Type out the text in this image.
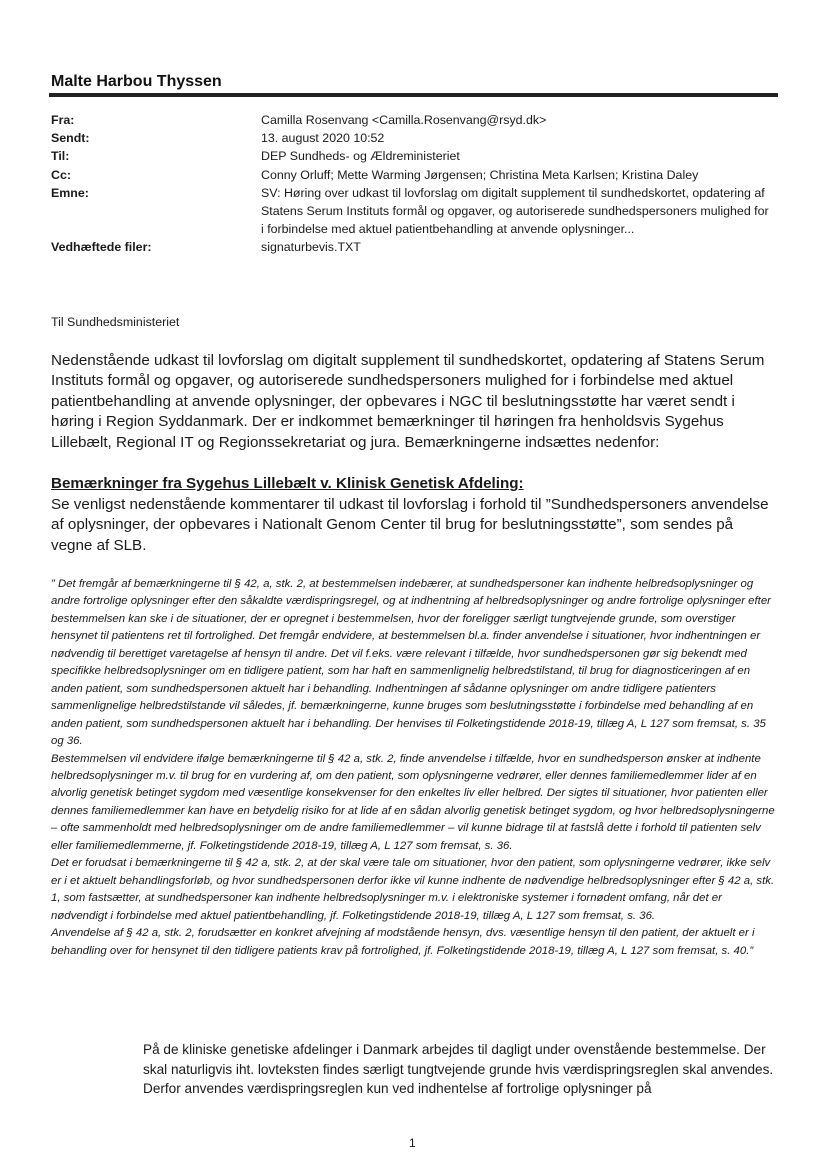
Malte Harbou Thyssen
Fra:	Camilla Rosenvang <Camilla.Rosenvang@rsyd.dk>
Sendt:	13. august 2020 10:52
Til:	DEP Sundheds- og Ældreministeriet
Cc:	Conny Orluff; Mette Warming Jørgensen; Christina Meta Karlsen; Kristina Daley
Emne:	SV: Høring over udkast til lovforslag om digitalt supplement til sundhedskortet, opdatering af Statens Serum Instituts formål og opgaver, og autoriserede sundhedspersoners mulighed for i forbindelse med aktuel patientbehandling at anvende oplysninger...
Vedhæftede filer:	signaturbevis.TXT
Til Sundhedsministeriet
Nedenstående udkast til lovforslag om digitalt supplement til sundhedskortet, opdatering af Statens Serum Instituts formål og opgaver, og autoriserede sundhedspersoners mulighed for i forbindelse med aktuel patientbehandling at anvende oplysninger, der opbevares i NGC til beslutningsstøtte har været sendt i høring i Region Syddanmark. Der er indkommet bemærkninger til høringen fra henholdsvis Sygehus Lillebælt, Regional IT og Regionssekretariat og jura. Bemærkningerne indsættes nedenfor:
Bemærkninger fra Sygehus Lillebælt v. Klinisk Genetisk Afdeling:
Se venligst nedenstående kommentarer til udkast til lovforslag i forhold til ”Sundhedspersoners anvendelse af oplysninger, der opbevares i Nationalt Genom Center til brug for beslutningsstøtte”, som sendes på vegne af SLB.

” Det fremgår af bemærkningerne til § 42, a, stk. 2, at bestemmelsen indebærer, at sundhedspersoner kan indhente helbredsoplysninger og andre fortrolige oplysninger efter den såkaldte værdispringsregel, og at indhentning af helbredsoplysninger og andre fortrolige oplysninger efter bestemmelsen kan ske i de situationer, der er opregnet i bestemmelsen, hvor der foreligger særligt tungtvejende grunde, som overstiger hensynet til patientens ret til fortrolighed. Det fremgår endvidere, at bestemmelsen bl.a. finder anvendelse i situationer, hvor indhentningen er nødvendig til berettiget varetagelse af hensyn til andre. Det vil f.eks. være relevant i tilfælde, hvor sundhedspersonen gør sig bekendt med specifikke helbredsoplysninger om en tidligere patient, som har haft en sammenlignelig helbredstilstand, til brug for diagnosticeringen af en anden patient, som sundhedspersonen aktuelt har i behandling. Indhentningen af sådanne oplysninger om andre tidligere patienters sammenlignelige helbredstilstande vil således, jf. bemærkningerne, kunne bruges som beslutningsstøtte i forbindelse med behandling af en anden patient, som sundhedspersonen aktuelt har i behandling. Der henvises til Folketingstidende 2018-19, tillæg A, L 127 som fremsat, s. 35 og 36.

Bestemmelsen vil endvidere ifølge bemærkningerne til § 42 a, stk. 2, finde anvendelse i tilfælde, hvor en sundhedsperson ønsker at indhente helbredsoplysninger m.v. til brug for en vurdering af, om den patient, som oplysningerne vedrører, eller dennes familiemedlemmer lider af en alvorlig genetisk betinget sygdom med væsentlige konsekvenser for den enkeltes liv eller helbred. Der sigtes til situationer, hvor patienten eller dennes familiemedlemmer kan have en betydelig risiko for at lide af en sådan alvorlig genetisk betinget sygdom, og hvor helbredsoplysningerne – ofte sammenholdt med helbredsoplysninger om de andre familiemedlemmer – vil kunne bidrage til at fastslå dette i forhold til patienten selv eller familiemedlemmerne, jf. Folketingstidende 2018-19, tillæg A, L 127 som fremsat, s. 36.

Det er forudsat i bemærkningerne til § 42 a, stk. 2, at der skal være tale om situationer, hvor den patient, som oplysningerne vedrører, ikke selv er i et aktuelt behandlingsforløb, og hvor sundhedspersonen derfor ikke vil kunne indhente de nødvendige helbredsoplysninger efter § 42 a, stk. 1, som fastsætter, at sundhedspersoner kan indhente helbredsoplysninger m.v. i elektroniske systemer i fornødent omfang, når det er nødvendigt i forbindelse med aktuel patientbehandling, jf. Folketingstidende 2018-19, tillæg A, L 127 som fremsat, s. 36.

Anvendelse af § 42 a, stk. 2, forudsætter en konkret afvejning af modstående hensyn, dvs. væsentlige hensyn til den patient, der aktuelt er i behandling over for hensynet til den tidligere patients krav på fortrolighed, jf. Folketingstidende 2018-19, tillæg A, L 127 som fremsat, s. 40.”

På de kliniske genetiske afdelinger i Danmark arbejdes til dagligt under ovenstående bestemmelse. Der skal naturligvis iht. lovteksten findes særligt tungtvejende grunde hvis værdispringsreglen skal anvendes. Derfor anvendes værdispringsreglen kun ved indhentelse af fortrolige oplysninger på
1
